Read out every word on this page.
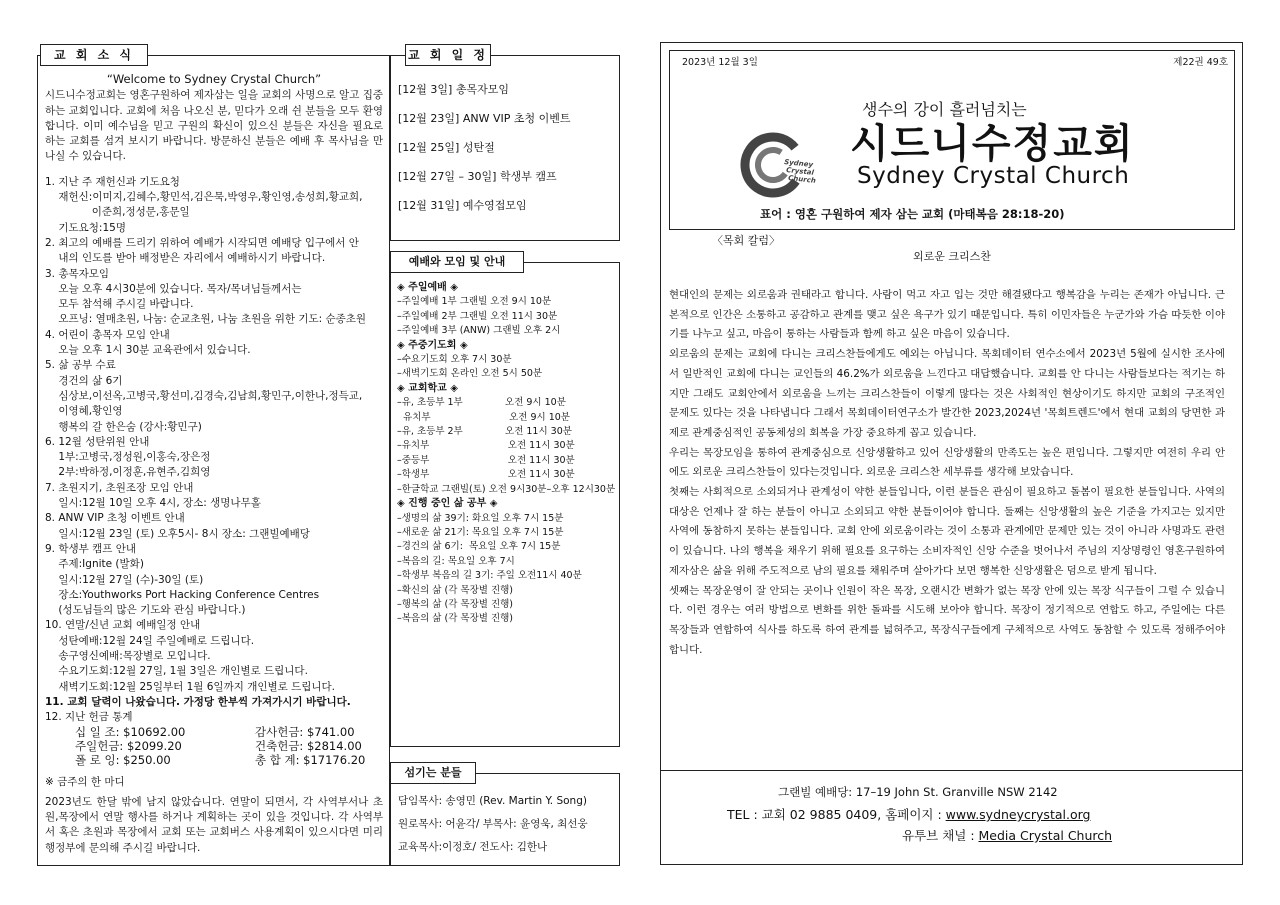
교 회 소 식
“Welcome to Sydney Crystal Church”
시드니수정교회는 영혼구원하여 제자삼는 일을 교회의 사명으로 알고 집중하는 교회입니다. 교회에 처음 나오신 분, 믿다가 오래 쉰 분들을 모두 환영합니다. 이미 예수님을 믿고 구원의 확신이 있으신 분들은 자신을 필요로 하는 교회를 섬겨 보시기 바랍니다. 방문하신 분들은 예배 후 목사님을 만나실 수 있습니다.
1. 지난 주 재헌신과 기도요청
재헌신:이미지,김혜수,황민석,김은묵,박영우,황인영,송성희,황교희,
이준희,정성문,홍문일
기도요청:15명
2. 최고의 예배를 드리기 위하여 예배가 시작되면 예배당 입구에서 안
내의 인도를 받아 배정받은 자리에서 예배하시기 바랍니다.
3. 총목자모임
오늘 오후 4시30분에 있습니다. 목자/목녀님들께서는
모두 참석해 주시길 바랍니다.
오프닝: 열매초원, 나눔: 순교초원, 나눔 초원을 위한 기도: 순종초원
4. 어린이 총목자 모임 안내
오늘 오후 1시 30분 교육관에서 있습니다.
5. 삶 공부 수료
경건의 삶 6기
심상보,이선옥,고병국,황선미,김경숙,김남희,황민구,이한나,정득교,
이영혜,황인영
행복의 갈 한은숨 (강사:황민구)
6. 12월 성탄위원 안내
1부:고병국,정성원,이홍숙,장은정
2부:박하정,이정훈,유현주,김희영
7. 초원지기, 초원조장 모임 안내
일시:12월 10일 오후 4시, 장소: 생명나무홀
8. ANW VIP 초청 이벤트 안내
일시:12월 23일 (토) 오후5시- 8시 장소: 그랜빌예배당
9. 학생부 캠프 안내
주제:Ignite (발화)
일시:12월 27일 (수)-30일 (토)
장소:Youthworks Port Hacking Conference Centres
(성도님들의 많은 기도와 관심 바랍니다.)
10. 연말/신년 교회 예배일정 안내
성탄예배:12월 24일 주일예배로 드립니다.
송구영신예배:목장별로 모입니다.
수요기도회:12월 27일, 1월 3일은 개인별로 드립니다.
새벽기도회:12월 25일부터 1월 6일까지 개인별로 드립니다.
11. 교회 달력이 나왔습니다. 가정당 한부씩 가져가시기 바랍니다.
12. 지난 헌금 통계
십 일 조: $10692.00	감사헌금: $741.00
주일헌금: $2099.20	건축헌금: $2814.00
폴 로 잉: $250.00	총 합 계: $17176.20
※ 금주의 한 마디
2023년도 한달 밖에 남지 않았습니다. 연말이 되면서, 각 사역부서나 초원,목장에서 연말 행사를 하거나 계획하는 곳이 있을 것입니다. 각 사역부서 혹은 초원과 목장에서 교회 또는 교회버스 사용계획이 있으시다면 미리 행정부에 문의해 주시길 바랍니다.
교 회 일 정
[12월 3일] 총목자모임
[12월 23일] ANW VIP 초청 이벤트
[12월 25일] 성탄절
[12월 27일 – 30일] 학생부 캠프
[12월 31일] 예수영접모임
예배와 모임 및 안내
◈ 주일예배 ◈
–주일예배 1부 그랜빌 오전 9시 10분
–주일예배 2부 그랜빌 오전 11시 30분
–주일예배 3부 (ANW) 그랜빌 오후 2시
◈ 주중기도회 ◈
–수요기도회 오후 7시 30분
–새벽기도회 온라인 오전 5시 50분
◈ 교회학교 ◈
–유, 초등부 1부              오전 9시 10분
유치부                          오전 9시 10분
–유, 초등부 2부              오전 11시 30분
–유치부                          오전 11시 30분
–중등부                          오전 11시 30분
–학생부                          오전 11시 30분
–한글학교 그랜빌(토) 오전 9시30분–오후 12시30분
◈ 진행 중인 삶 공부 ◈
–생명의 삶 39기: 화요일 오후 7시 15분
–새로운 삶 21기: 목요일 오후 7시 15분
–경건의 삶 6기:  목요일 오후 7시 15분
–복음의 길: 목요일 오후 7시
–학생부 복음의 길 3기: 주일 오전11시 40분
–확신의 삶 (각 목장별 진행)
–행복의 삶 (각 목장별 진행)
–복음의 삶 (각 목장별 진행)
섬기는 분들
담임목사: 송영민 (Rev. Martin Y. Song)
원로목사: 어윤각/ 부목사: 윤영욱, 최선웅
교육목사:이정호/ 전도사: 김한나
2023년 12월 3일	제22권 49호
생수의 강이 흘러넘치는
Sydney
Crystal
Church
시드니수정교회
Sydney Crystal Church
표어 : 영혼 구원하여 제자 삼는 교회 (마태복음 28:18-20)
〈목회 칼럼〉
외로운 크리스찬

현대인의 문제는 외로움과 권태라고 합니다. 사람이 먹고 자고 입는 것만 해결됐다고 행복감을 누리는 존재가 아닙니다. 근본적으로 인간은 소통하고 공감하고 관계를 맺고 싶은 욕구가 있기 때문입니다. 특히 이민자들은 누군가와 가슴 따듯한 이야기를 나누고 싶고, 마음이 통하는 사람들과 함께 하고 싶은 마음이 있습니다.

외로움의 문제는 교회에 다니는 크리스찬들에게도 예외는 아닙니다. 목회데이터 연수소에서 2023년 5월에 실시한 조사에서 일반적인 교회에 다니는 교인들의 46.2%가 외로움을 느낀다고 대답했습니다. 교회를 안 다니는 사람들보다는 적기는 하지만 그래도 교회안에서 외로움을 느끼는 크리스찬들이 이렇게 많다는 것은 사회적인 현상이기도 하지만 교회의 구조적인 문제도 있다는 것을 나타냅니다 그래서 목회데이터연구소가 발간한 2023,2024년 '목회트렌드'에서 현대 교회의 당면한 과제로 관계중심적인 공동체성의 회복을 가장 중요하게 꼽고 있습니다.

우리는 목장모임을 통하여 관계중심으로 신앙생활하고 있어 신앙생활의 만족도는 높은 편입니다. 그렇지만 여전히 우리 안에도 외로운 크리스찬들이 있다는것입니다. 외로운 크리스찬 세부류를 생각해 보았습니다.

첫째는 사회적으로 소외되거나 관계성이 약한 분들입니다, 이런 분들은 관심이 필요하고 돌봄이 필요한 분들입니다. 사역의 대상은 언제나 잘 하는 분들이 아니고 소외되고 약한 분들이어야 합니다. 둘째는 신앙생활의 높은 기준을 가지고는 있지만 사역에 동참하지 못하는 분들입니다. 교회 안에 외로움이라는 것이 소통과 관계에만 문제만 있는 것이 아니라 사명과도 관련이 있습니다. 나의 행복을 채우기 위해 필요를 요구하는 소비자적인 신앙 수준을 벗어나서 주님의 지상명령인 영혼구원하여 제자삼은 삶을 위해 주도적으로 남의 필요를 채워주며 살아가다 보면 행복한 신앙생활은 덤으로 받게 됩니다.

셋째는 목장운영이 잘 안되는 곳이나 인원이 작은 목장, 오랜시간 변화가 없는 목장 안에 있는 목장 식구들이 그럴 수 있습니다. 이런 경우는 여러 방법으로 변화를 위한 돌파를 시도해 보아야 합니다. 목장이 정기적으로 연합도 하고, 주일에는 다른 목장들과 연합하여 식사를 하도록 하여 관계를 넓혀주고, 목장식구들에게 구체적으로 사역도 동참할 수 있도록 정해주어야 합니다.

그랜빌 예배당: 17–19 John St. Granville NSW 2142
TEL : 교회 02 9885 0409, 홈페이지 : www.sydneycrystal.org
유투브 채널 : Media Crystal Church
